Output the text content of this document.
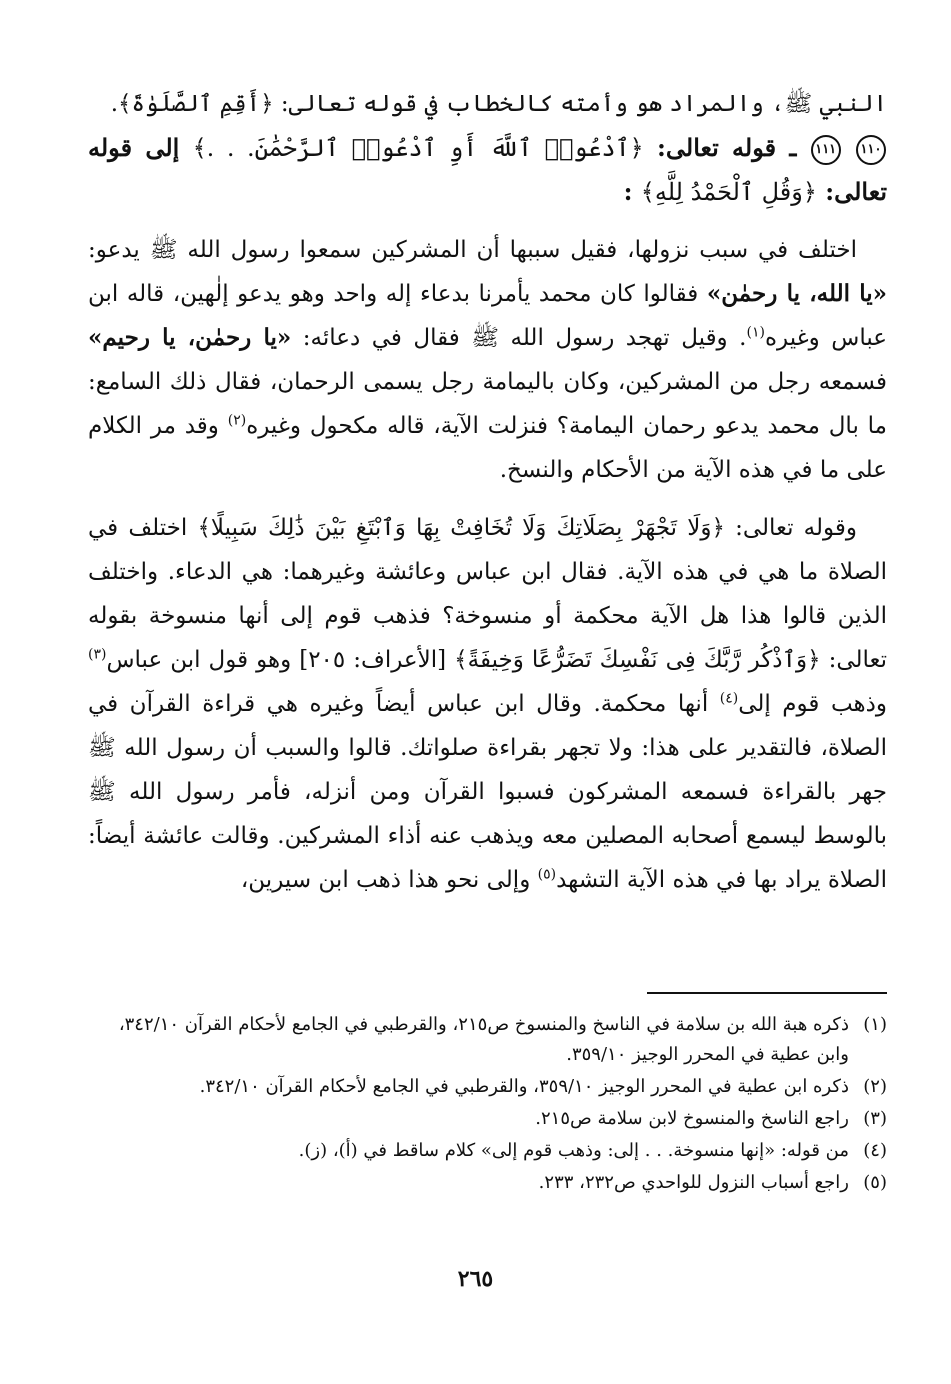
النبي ﷺ، والمراد هو وأمته كالخطاب في قوله تعالى: ﴿أَقِمِ ٱلصَّلَوٰةَ﴾.

١١٠ ١١١ ـ قوله تعالى: ﴿ٱدْعُوا۟ ٱللَّهَ أَوِ ٱدْعُوا۟ ٱلرَّحْمَٰنَ. . .﴾ إلى قوله تعالى: ﴿وَقُلِ ٱلْحَمْدُ لِلَّهِ﴾ :

اختلف في سبب نزولها، فقيل سببها أن المشركين سمعوا رسول الله ﷺ يدعو: «يا الله، يا رحمٰن» فقالوا كان محمد يأمرنا بدعاء إله واحد وهو يدعو إلٰهين، قاله ابن عباس وغيره$^{(١)}$. وقيل تهجد رسول الله ﷺ فقال في دعائه: «يا رحمٰن، يا رحيم» فسمعه رجل من المشركين، وكان باليمامة رجل يسمى الرحمان، فقال ذلك السامع: ما بال محمد يدعو رحمان اليمامة؟ فنزلت الآية، قاله مكحول وغيره$^{(٢)}$ وقد مر الكلام على ما في هذه الآية من الأحكام والنسخ.

وقوله تعالى: ﴿وَلَا تَجْهَرْ بِصَلَاتِكَ وَلَا تُخَافِتْ بِهَا وَٱبْتَغِ بَيْنَ ذَٰلِكَ سَبِيلًا﴾ اختلف في الصلاة ما هي في هذه الآية. فقال ابن عباس وعائشة وغيرهما: هي الدعاء. واختلف الذين قالوا هذا هل الآية محكمة أو منسوخة؟ فذهب قوم إلى أنها منسوخة بقوله تعالى: ﴿وَٱذْكُر رَّبَّكَ فِى نَفْسِكَ تَضَرُّعًا وَخِيفَةً﴾ [الأعراف: ٢٠٥] وهو قول ابن عباس$^{(٣)}$ وذهب قوم إلى$^{(٤)}$ أنها محكمة. وقال ابن عباس أيضاً وغيره هي قراءة القرآن في الصلاة، فالتقدير على هذا: ولا تجهر بقراءة صلواتك. قالوا والسبب أن رسول الله ﷺ جهر بالقراءة فسمعه المشركون فسبوا القرآن ومن أنزله، فأمر رسول الله ﷺ بالوسط ليسمع أصحابه المصلين معه ويذهب عنه أذاء المشركين. وقالت عائشة أيضاً: الصلاة يراد بها في هذه الآية التشهد$^{(٥)}$ وإلى نحو هذا ذهب ابن سيرين،

(١)
ذكره هبة الله بن سلامة في الناسخ والمنسوخ ص٢١٥، والقرطبي في الجامع لأحكام القرآن ٣٤٢/١٠، وابن عطية في المحرر الوجيز ٣٥٩/١٠.
(٢)
ذكره ابن عطية في المحرر الوجيز ٣٥٩/١٠، والقرطبي في الجامع لأحكام القرآن ٣٤٢/١٠.
(٣)
راجع الناسخ والمنسوخ لابن سلامة ص٢١٥.
(٤)
من قوله: «إنها منسوخة. . . إلى: وذهب قوم إلى» كلام ساقط في (أ)، (ز).
(٥)
راجع أسباب النزول للواحدي ص٢٣٢، ٢٣٣.
٢٦٥
